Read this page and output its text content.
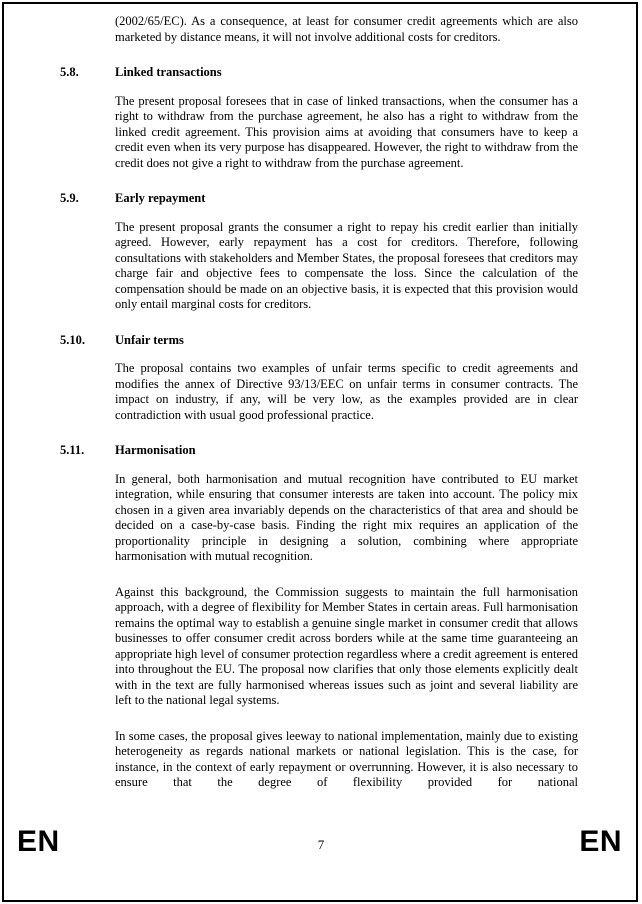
(2002/65/EC). As a consequence, at least for consumer credit agreements which are also marketed by distance means, it will not involve additional costs for creditors.

5.8.	Linked transactions

The present proposal foresees that in case of linked transactions, when the consumer has a right to withdraw from the purchase agreement, he also has a right to withdraw from the linked credit agreement. This provision aims at avoiding that consumers have to keep a credit even when its very purpose has disappeared. However, the right to withdraw from the credit does not give a right to withdraw from the purchase agreement.

5.9.	Early repayment

The present proposal grants the consumer a right to repay his credit earlier than initially agreed. However, early repayment has a cost for creditors. Therefore, following consultations with stakeholders and Member States, the proposal foresees that creditors may charge fair and objective fees to compensate the loss. Since the calculation of the compensation should be made on an objective basis, it is expected that this provision would only entail marginal costs for creditors.

5.10.	Unfair terms

The proposal contains two examples of unfair terms specific to credit agreements and modifies the annex of Directive 93/13/EEC on unfair terms in consumer contracts. The impact on industry, if any, will be very low, as the examples provided are in clear contradiction with usual good professional practice.

5.11.	Harmonisation

In general, both harmonisation and mutual recognition have contributed to EU market integration, while ensuring that consumer interests are taken into account. The policy mix chosen in a given area invariably depends on the characteristics of that area and should be decided on a case-by-case basis. Finding the right mix requires an application of the proportionality principle in designing a solution, combining where appropriate harmonisation with mutual recognition.

Against this background, the Commission suggests to maintain the full harmonisation approach, with a degree of flexibility for Member States in certain areas. Full harmonisation remains the optimal way to establish a genuine single market in consumer credit that allows businesses to offer consumer credit across borders while at the same time guaranteeing an appropriate high level of consumer protection regardless where a credit agreement is entered into throughout the EU. The proposal now clarifies that only those elements explicitly dealt with in the text are fully harmonised whereas issues such as joint and several liability are left to the national legal systems.

In some cases, the proposal gives leeway to national implementation, mainly due to existing heterogeneity as regards national markets or national legislation. This is the case, for instance, in the context of early repayment or overrunning. However, it is also necessary to ensure that the degree of flexibility provided for national

EN	7	EN
